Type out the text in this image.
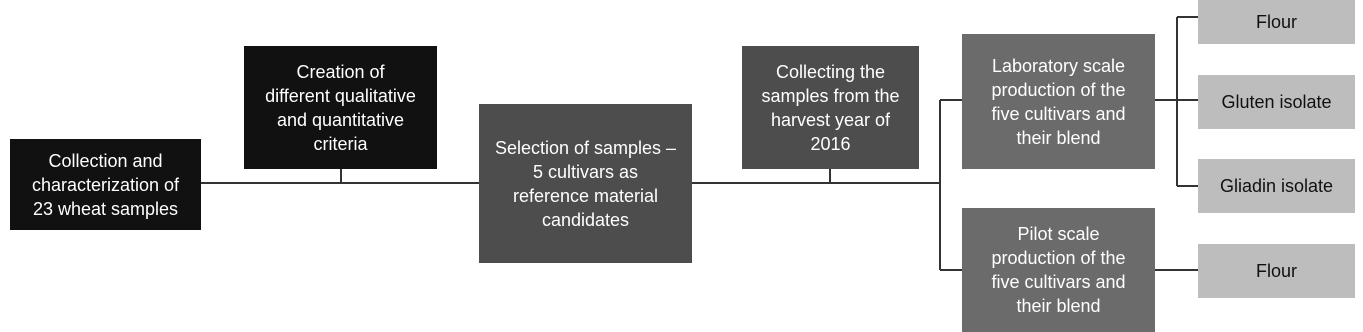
Collection and
characterization of
23 wheat samples
Creation of
different qualitative
and quantitative
criteria	Selection of samples –
5 cultivars as
reference material
candidates
Collecting the
samples from the
harvest year of
2016
Laboratory scale
production of the
five cultivars and
their blend
Pilot scale
production of the
five cultivars and
their blend
Flour
Gluten isolate
Gliadin isolate
Flour
